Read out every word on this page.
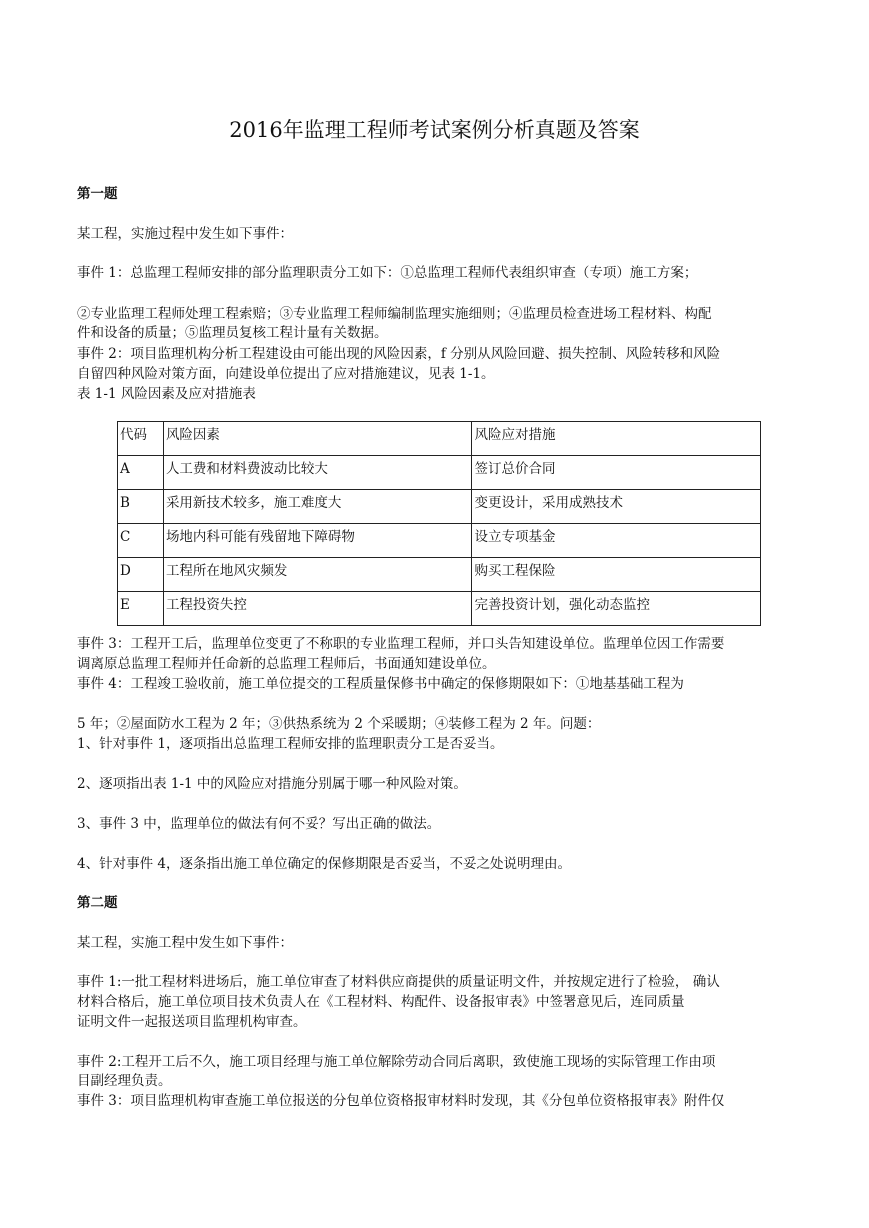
2016年监理工程师考试案例分析真题及答案
第一题
某工程，实施过程中发生如下事件：
事件 1：总监理工程师安排的部分监理职责分工如下：①总监理工程师代表组织审查（专项）施工方案；
②专业监理工程师处理工程索赔；③专业监理工程师编制监理实施细则；④监理员检查进场工程材料、构配
件和设备的质量；⑤监理员复核工程计量有关数据。
事件 2：项目监理机构分析工程建设由可能出现的风险因素，f 分别从风险回避、损失控制、风险转移和风险
自留四种风险对策方面，向建设单位提出了应对措施建议，见表 1-1。
表 1-1 风险因素及应对措施表
代码	风险因素	风险应对措施
A	人工费和材料费波动比较大	签订总价合同
B	采用新技术较多，施工难度大	变更设计，采用成熟技术
C	场地内科可能有残留地下障碍物	设立专项基金
D	工程所在地风灾频发	购买工程保险
E	工程投资失控	完善投资计划，强化动态监控
事件 3：工程开工后，监理单位变更了不称职的专业监理工程师，并口头告知建设单位。监理单位因工作需要
调离原总监理工程师并任命新的总监理工程师后，书面通知建设单位。
事件 4：工程竣工验收前，施工单位提交的工程质量保修书中确定的保修期限如下：①地基基础工程为
5 年；②屋面防水工程为 2 年；③供热系统为 2 个采暖期；④装修工程为 2 年。问题：
1、针对事件 1，逐项指出总监理工程师安排的监理职责分工是否妥当。
2、逐项指出表 1-1 中的风险应对措施分别属于哪一种风险对策。
3、事件 3 中，监理单位的做法有何不妥？写出正确的做法。
4、针对事件 4，逐条指出施工单位确定的保修期限是否妥当，不妥之处说明理由。
第二题
某工程，实施工程中发生如下事件：
事件 1:一批工程材料进场后，施工单位审查了材料供应商提供的质量证明文件，并按规定进行了检验， 确认
材料合格后，施工单位项目技术负责人在《工程材料、构配件、设备报审表》中签署意见后，连同质量
证明文件一起报送项目监理机构审查。
事件 2:工程开工后不久，施工项目经理与施工单位解除劳动合同后离职，致使施工现场的实际管理工作由项
目副经理负责。
事件 3：项目监理机构审查施工单位报送的分包单位资格报审材料时发现，其《分包单位资格报审表》附件仅
